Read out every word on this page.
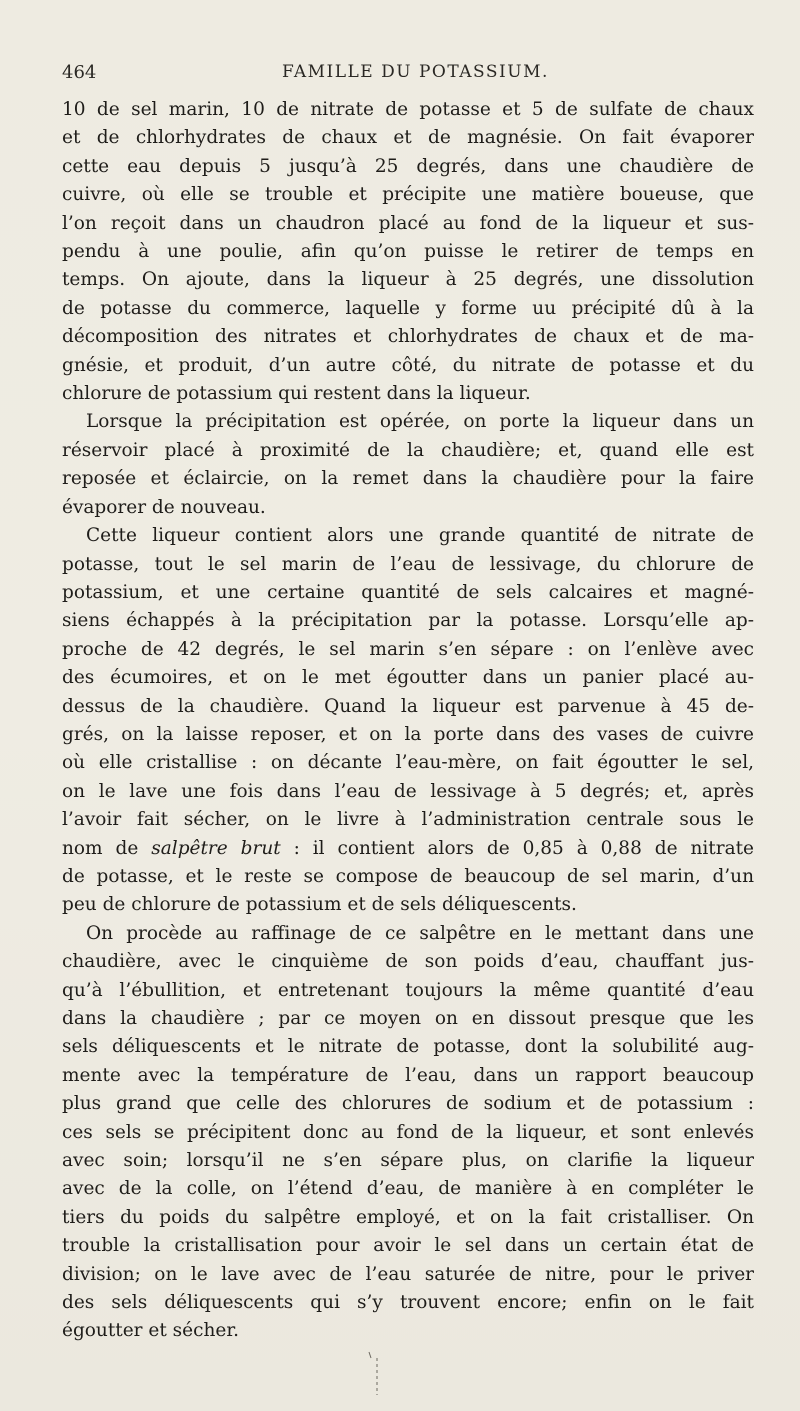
464	FAMILLE DU POTASSIUM.
10 de sel marin, 10 de nitrate de potasse et 5 de sulfate de chaux
et de chlorhydrates de chaux et de magnésie. On fait évaporer
cette eau depuis 5 jusqu’à 25 degrés, dans une chaudière de
cuivre, où elle se trouble et précipite une matière boueuse, que
l’on reçoit dans un chaudron placé au fond de la liqueur et sus-
pendu à une poulie, afin qu’on puisse le retirer de temps en
temps. On ajoute, dans la liqueur à 25 degrés, une dissolution
de potasse du commerce, laquelle y forme uu précipité dû à la
décomposition des nitrates et chlorhydrates de chaux et de ma-
gnésie, et produit, d’un autre côté, du nitrate de potasse et du
chlorure de potassium qui restent dans la liqueur.
Lorsque la précipitation est opérée, on porte la liqueur dans un
réservoir placé à proximité de la chaudière; et, quand elle est
reposée et éclaircie, on la remet dans la chaudière pour la faire
évaporer de nouveau.
Cette liqueur contient alors une grande quantité de nitrate de
potasse, tout le sel marin de l’eau de lessivage, du chlorure de
potassium, et une certaine quantité de sels calcaires et magné-
siens échappés à la précipitation par la potasse. Lorsqu’elle ap-
proche de 42 degrés, le sel marin s’en sépare : on l’enlève avec
des écumoires, et on le met égoutter dans un panier placé au-
dessus de la chaudière. Quand la liqueur est parvenue à 45 de-
grés, on la laisse reposer, et on la porte dans des vases de cuivre
où elle cristallise : on décante l’eau-mère, on fait égoutter le sel,
on le lave une fois dans l’eau de lessivage à 5 degrés; et, après
l’avoir fait sécher, on le livre à l’administration centrale sous le
nom de salpêtre brut : il contient alors de 0,85 à 0,88 de nitrate
de potasse, et le reste se compose de beaucoup de sel marin, d’un
peu de chlorure de potassium et de sels déliquescents.
On procède au raffinage de ce salpêtre en le mettant dans une
chaudière, avec le cinquième de son poids d’eau, chauffant jus-
qu’à l’ébullition, et entretenant toujours la même quantité d’eau
dans la chaudière ; par ce moyen on en dissout presque que les
sels déliquescents et le nitrate de potasse, dont la solubilité aug-
mente avec la température de l’eau, dans un rapport beaucoup
plus grand que celle des chlorures de sodium et de potassium :
ces sels se précipitent donc au fond de la liqueur, et sont enlevés
avec soin; lorsqu’il ne s’en sépare plus, on clarifie la liqueur
avec de la colle, on l’étend d’eau, de manière à en compléter le
tiers du poids du salpêtre employé, et on la fait cristalliser. On
trouble la cristallisation pour avoir le sel dans un certain état de
division; on le lave avec de l’eau saturée de nitre, pour le priver
des sels déliquescents qui s’y trouvent encore; enfin on le fait
égoutter et sécher.
